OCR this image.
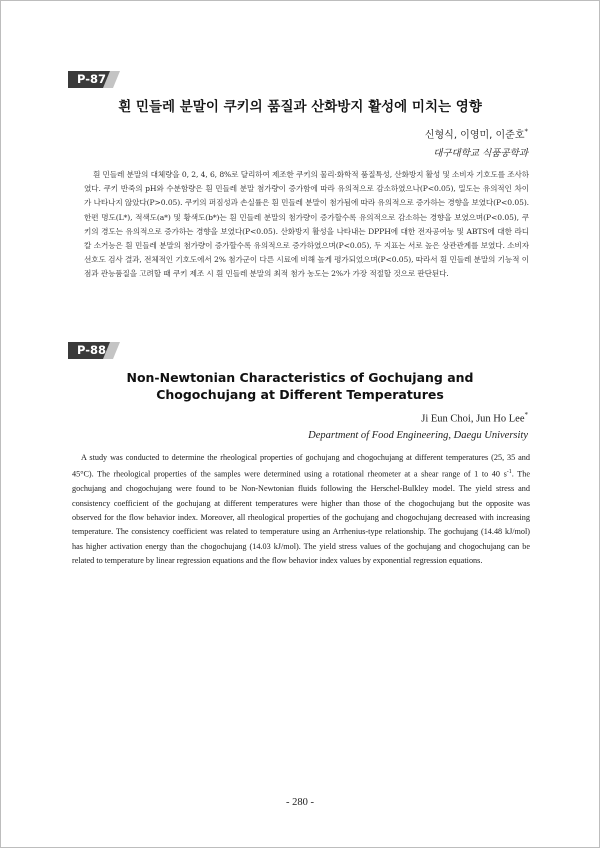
P-87
흰 민들레 분말이 쿠키의 품질과 산화방지 활성에 미치는 영향
신형식, 이영미, 이준호*
대구대학교 식품공학과

흰 민들레 분말의 대체량을 0, 2, 4, 6, 8%로 달리하여 제조한 쿠키의 물리·화학적 품질특성, 산화방지 활성 및 소비자 기호도를 조사하였다. 쿠키 반죽의 pH와 수분함량은 흰 민들레 분말 첨가량이 증가함에 따라 유의적으로 감소하였으나(P<0.05), 밀도는 유의적인 차이가 나타나지 않았다(P>0.05). 쿠키의 퍼짐성과 손실률은 흰 민들레 분말이 첨가됨에 따라 유의적으로 증가하는 경향을 보였다(P<0.05). 한편 명도(L*), 적색도(a*) 및 황색도(b*)는 흰 민들레 분말의 첨가량이 증가할수록 유의적으로 감소하는 경향을 보였으며(P<0.05), 쿠키의 경도는 유의적으로 증가하는 경향을 보였다(P<0.05). 산화방지 활성을 나타내는 DPPH에 대한 전자공여능 및 ABTS에 대한 라디칼 소거능은 흰 민들레 분말의 첨가량이 증가할수록 유의적으로 증가하였으며(P<0.05), 두 지표는 서로 높은 상관관계를 보였다. 소비자 선호도 검사 결과, 전체적인 기호도에서 2% 첨가군이 다른 시료에 비해 높게 평가되었으며(P<0.05), 따라서 흰 민들레 분말의 기능적 이점과 관능품질을 고려할 때 쿠키 제조 시 흰 민들레 분말의 최적 첨가 농도는 2%가 가장 적절할 것으로 판단된다.

P-88
Non-Newtonian Characteristics of Gochujang and
Chogochujang at Different Temperatures
Ji Eun Choi, Jun Ho Lee*
Department of Food Engineering, Daegu University

A study was conducted to determine the rheological properties of gochujang and chogochujang at different temperatures (25, 35 and 45°C). The rheological properties of the samples were determined using a rotational rheometer at a shear range of 1 to 40 $s^{-1}$. The gochujang and chogochujang were found to be Non-Newtonian fluids following the Herschel-Bulkley model. The yield stress and consistency coefficient of the gochujang at different temperatures were higher than those of the chogochujang but the opposite was observed for the flow behavior index. Moreover, all rheological properties of the gochujang and chogochujang decreased with increasing temperature. The consistency coefficient was related to temperature using an Arrhenius-type relationship. The gochujang (14.48 kJ/mol) has higher activation energy than the chogochujang (14.03 kJ/mol). The yield stress values of the gochujang and chogochujang can be related to temperature by linear regression equations and the flow behavior index values by exponential regression equations.

- 280 -
